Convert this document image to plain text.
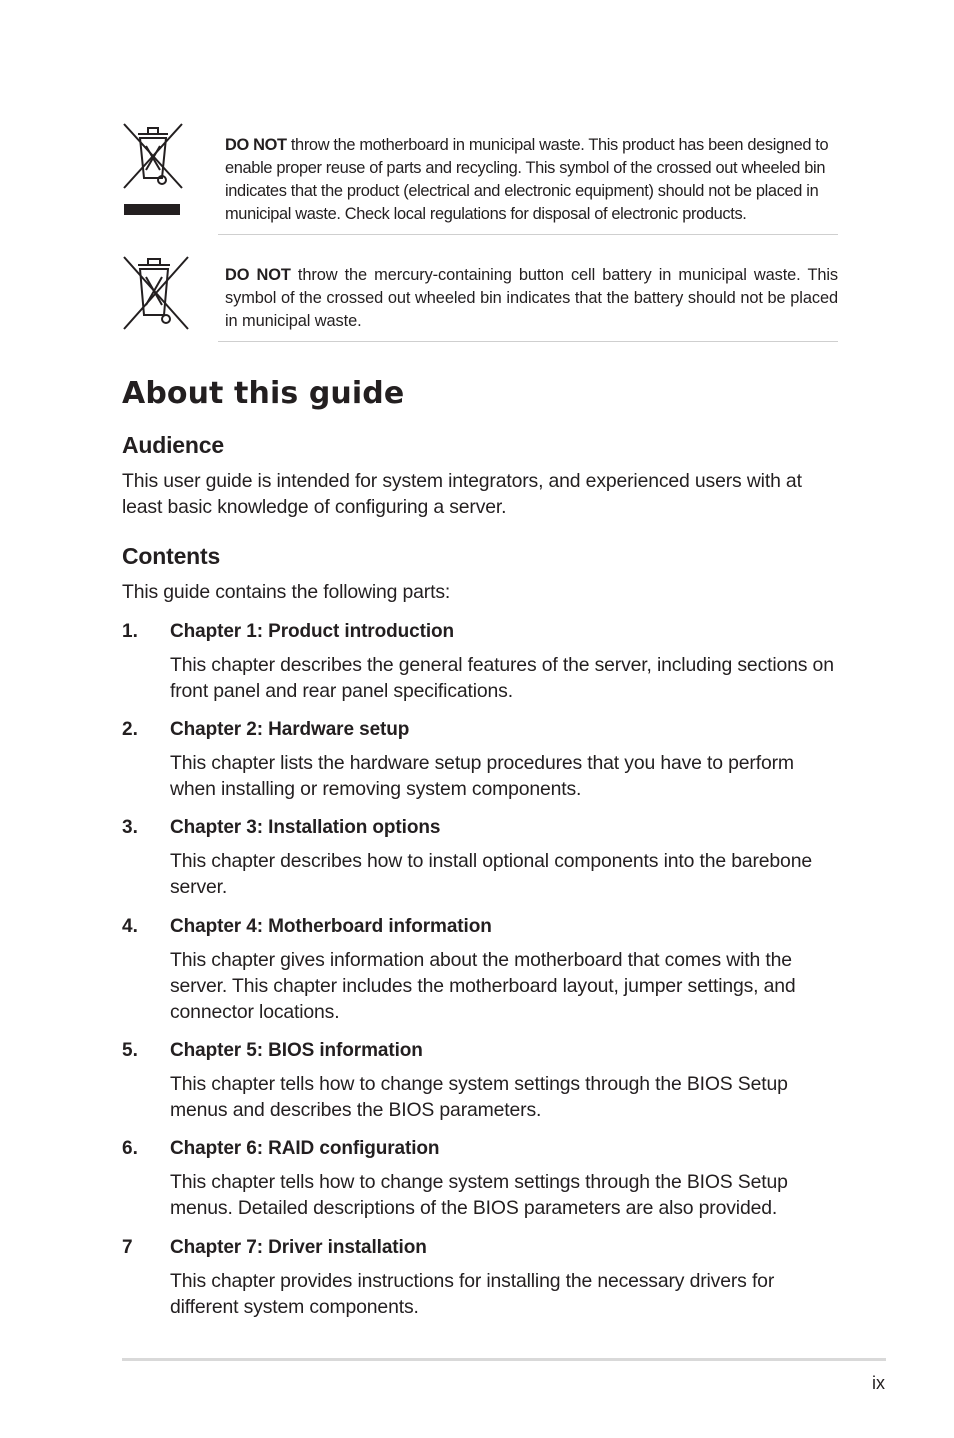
DO NOT throw the motherboard in municipal waste. This product has been designed to enable proper reuse of parts and recycling. This symbol of the crossed out wheeled bin indicates that the product (electrical and electronic equipment) should not be placed in municipal waste. Check local regulations for disposal of electronic products.
DO NOT throw the mercury-containing button cell battery in municipal waste. This symbol of the crossed out wheeled bin indicates that the battery should not be placed in municipal waste.
About this guide
Audience

This user guide is intended for system integrators, and experienced users with at least basic knowledge of configuring a server.

Contents

This guide contains the following parts:

1. Chapter 1: Product introduction
This chapter describes the general features of the server, including sections on front panel and rear panel specifications.
2. Chapter 2: Hardware setup
This chapter lists the hardware setup procedures that you have to perform when installing or removing system components.
3. Chapter 3: Installation options
This chapter describes how to install optional components into the barebone server.
4. Chapter 4: Motherboard information
This chapter gives information about the motherboard that comes with the server. This chapter includes the motherboard layout, jumper settings, and connector locations.
5. Chapter 5: BIOS information
This chapter tells how to change system settings through the BIOS Setup menus and describes the BIOS parameters.
6. Chapter 6: RAID configuration
This chapter tells how to change system settings through the BIOS Setup menus. Detailed descriptions of the BIOS parameters are also provided.
7 Chapter 7: Driver installation
This chapter provides instructions for installing the necessary drivers for different system components.
ix
